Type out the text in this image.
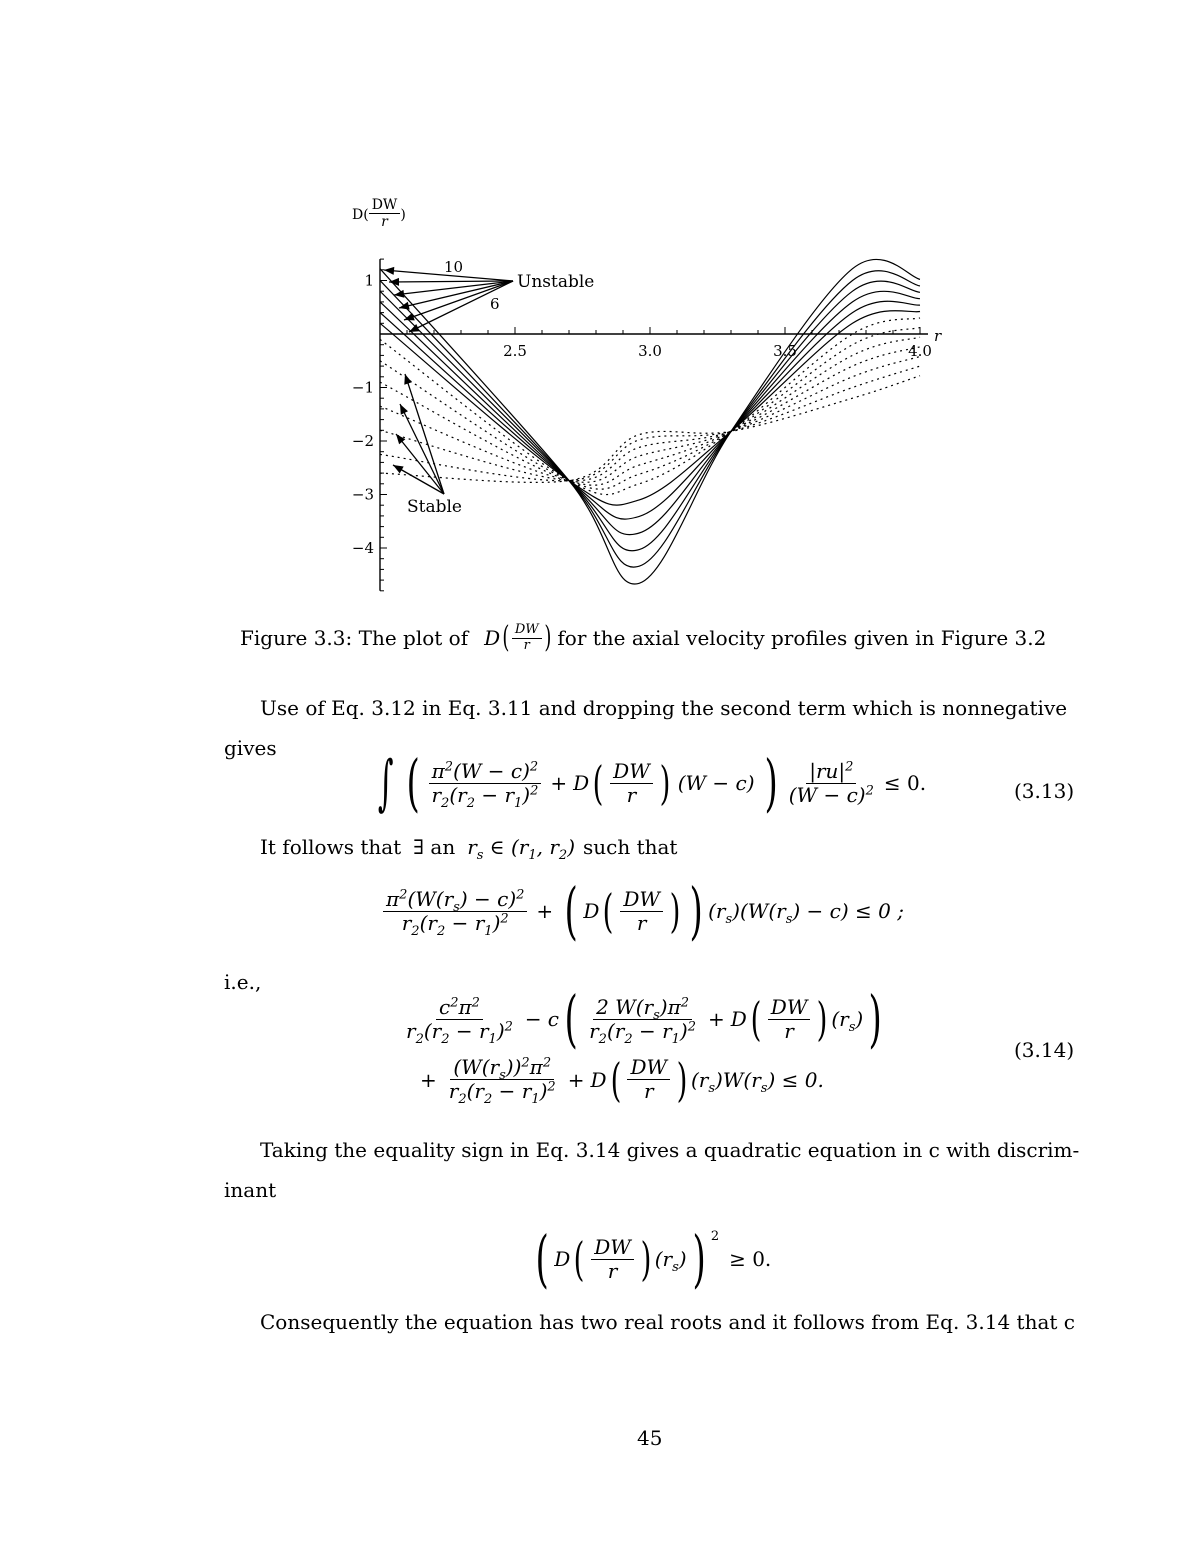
2.5	3.0	3.5	4.0
1
−1
−2
−3
−4
10
Unstable
6
Stable
r
$D( \frac{DW}{r}$ )
Figure 3.3: The plot of D ( $\frac{DW}{r}$ ) for the axial velocity profiles given in Figure 3.2
Use of Eq. 3.12 in Eq. 3.11 and dropping the second term which is nonnegative
gives ∫ ( $\frac{\pi^2(W - c)^2}{r_2(r_2 - r_1)^2} + D$ ( $\frac{DW}{r}$ ) (W − c) ) $\frac{|ru|^2}{(W - c)^2} \le 0$.	(3.13)
It follows that ∃ an $r_s$ ∈ ($r_1$, $r_2$) such that
$\frac{\pi^2(W(r_s) - c)^2}{r_2(r_2 - r_1)^2}$ + ( D ( $\frac{DW}{r}$ ) ) $(r_s)(W(r_s) - c) \le 0$ ;
i.e.,
$\frac{c^2\pi^2}{r_2(r_2 - r_1)^2} - c$ ( $\frac{2 W(r_s)\pi^2}{r_2(r_2 - r_1)^2} + D$ ( $\frac{DW}{r}$ ) $(r_s)$ )
+ $\frac{(W(r_s))^2\pi^2}{r_2(r_2 - r_1)^2} + D$ ( $\frac{DW}{r}$ ) $(r_s)W(r_s) \le 0$.
(3.14)
Taking the equality sign in Eq. 3.14 gives a quadratic equation in c with discrim-
inant
( D ( $\frac{DW}{r}$ ) $(r_s)$ ) $^2$
≥ 0.
Consequently the equation has two real roots and it follows from Eq. 3.14 that c
45
